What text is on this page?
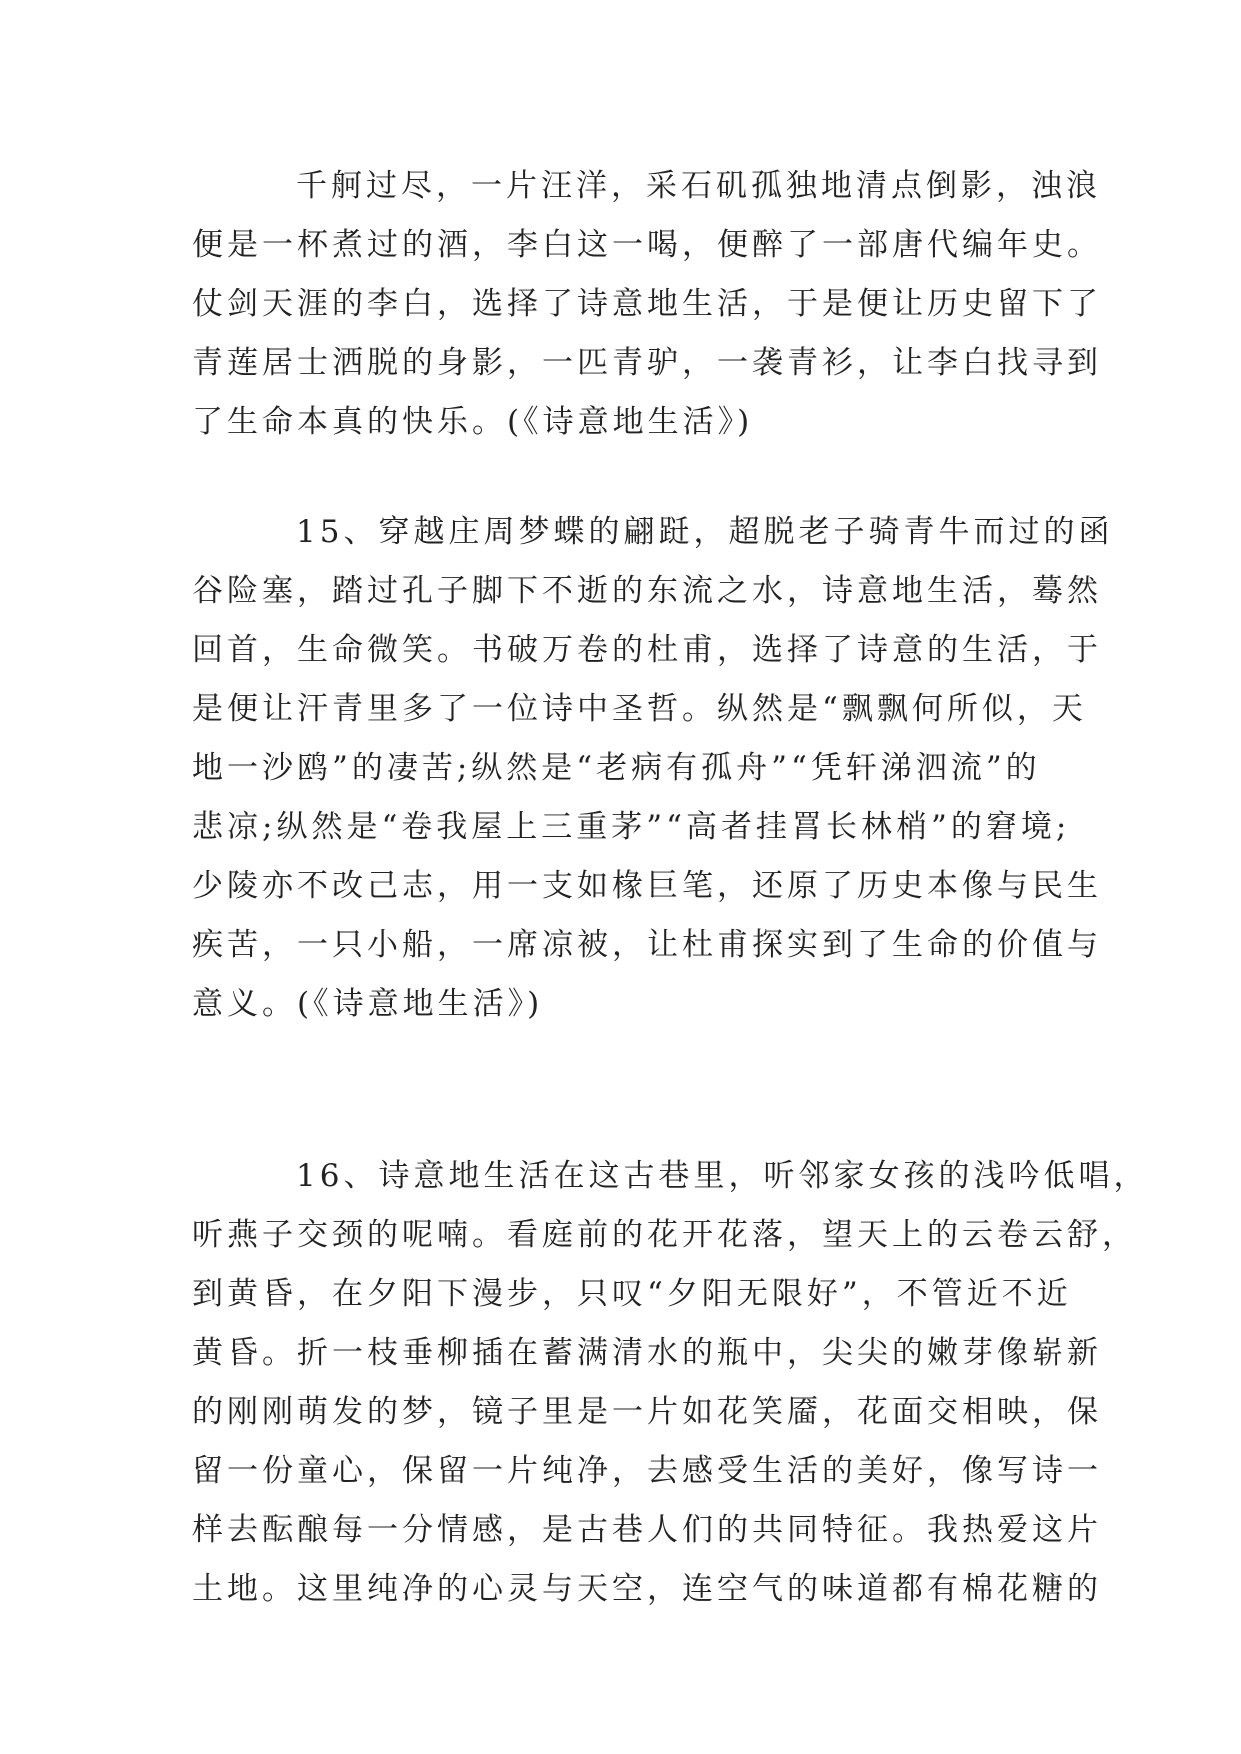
千舸过尽，一片汪洋，采石矶孤独地清点倒影，浊浪
便是一杯煮过的酒，李白这一喝，便醉了一部唐代编年史。
仗剑天涯的李白，选择了诗意地生活，于是便让历史留下了
青莲居士洒脱的身影，一匹青驴，一袭青衫，让李白找寻到
了生命本真的快乐。(《诗意地生活》)
15、穿越庄周梦蝶的翩跹，超脱老子骑青牛而过的函
谷险塞，踏过孔子脚下不逝的东流之水，诗意地生活，蓦然
回首，生命微笑。书破万卷的杜甫，选择了诗意的生活，于
是便让汗青里多了一位诗中圣哲。纵然是“飘飘何所似，天
地一沙鸥”的凄苦;纵然是“老病有孤舟”“凭轩涕泗流”的
悲凉;纵然是“卷我屋上三重茅”“高者挂罥长林梢”的窘境;
少陵亦不改己志，用一支如椽巨笔，还原了历史本像与民生
疾苦，一只小船，一席凉被，让杜甫探实到了生命的价值与
意义。(《诗意地生活》)
16、诗意地生活在这古巷里，听邻家女孩的浅吟低唱，
听燕子交颈的呢喃。看庭前的花开花落，望天上的云卷云舒，
到黄昏，在夕阳下漫步，只叹“夕阳无限好”，不管近不近
黄昏。折一枝垂柳插在蓄满清水的瓶中，尖尖的嫩芽像崭新
的刚刚萌发的梦，镜子里是一片如花笑靥，花面交相映，保
留一份童心，保留一片纯净，去感受生活的美好，像写诗一
样去酝酿每一分情感，是古巷人们的共同特征。我热爱这片
土地。这里纯净的心灵与天空，连空气的味道都有棉花糖的
